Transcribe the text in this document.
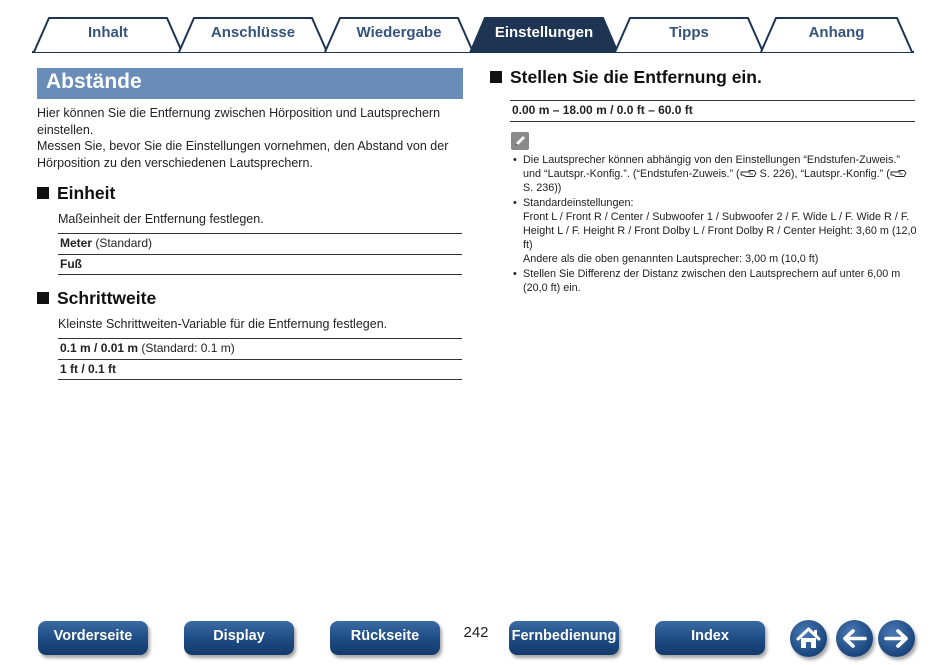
Inhalt	Anschlüsse	Wiedergabe	Einstellungen	Tipps	Anhang
Abstände

Hier können Sie die Entfernung zwischen Hörposition und Lautsprechern einstellen.

Messen Sie, bevor Sie die Einstellungen vornehmen, den Abstand von der Hörposition zu den verschiedenen Lautsprechern.

Einheit
Maßeinheit der Entfernung festlegen.
Meter (Standard)
Fuß
Schrittweite
Kleinste Schrittweiten-Variable für die Entfernung festlegen.
0.1 m / 0.01 m (Standard: 0.1 m)
1 ft / 0.1 ft
Stellen Sie die Entfernung ein.
0.00 m – 18.00 m / 0.0 ft – 60.0 ft
• Die Lautsprecher können abhängig von den Einstellungen “Endstufen-Zuweis.” und “Lautspr.-Konfig.”. (“Endstufen-Zuweis.” ( S. 226), “Lautspr.-Konfig.” ( S. 236))
• Standardeinstellungen:
Front L / Front R / Center / Subwoofer 1 / Subwoofer 2 / F. Wide L / F. Wide R / F. Height L / F. Height R / Front Dolby L / Front Dolby R / Center Height: 3,60 m (12,0 ft)
Andere als die oben genannten Lautsprecher: 3,00 m (10,0 ft)
• Stellen Sie Differenz der Distanz zwischen den Lautsprechern auf unter 6,00 m (20,0 ft) ein.
Vorderseite	Display	Rückseite	242	Fernbedienung	Index
